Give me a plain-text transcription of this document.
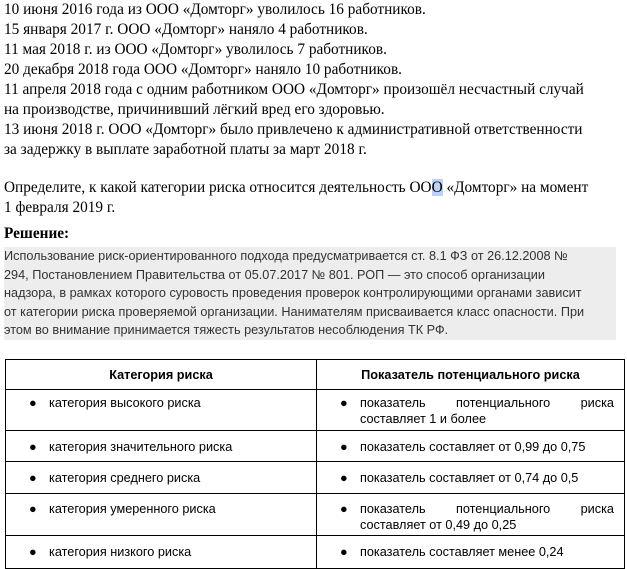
10 июня 2016 года из ООО «Домторг» уволилось 16 работников.

15 января 2017 г. ООО «Домторг» наняло 4 работников.

11 мая 2018 г. из ООО «Домторг» уволилось 7 работников.

20 декабря 2018 года ООО «Домторг» наняло 10 работников.

11 апреля 2018 года с одним работником ООО «Домторг» произошёл несчастный случай

на производстве, причинивший лёгкий вред его здоровью.

13 июня 2018 г. ООО «Домторг» было привлечено к административной ответственности

за задержку в выплате заработной платы за март 2018 г.

Определите, к какой категории риска относится деятельность ООО «Домторг» на момент

1 февраля 2019 г.

Решение:

Использование риск-ориентированного подхода предусматривается ст. 8.1 ФЗ от 26.12.2008 №

294, Постановлением Правительства от 05.07.2017 № 801. РОП — это способ организации

надзора, в рамках которого суровость проведения проверок контролирующими органами зависит

от категории риска проверяемой организации. Нанимателям присваивается класс опасности. При

этом во внимание принимается тяжесть результатов несоблюдения ТК РФ.

Категория риска	Показатель потенциального риска

● категория высокого риска	● показатель потенциального риска составляет 1 и более

● категория значительного риска	● показатель составляет от 0,99 до 0,75

● категория среднего риска	● показатель составляет от 0,74 до 0,5

● категория умеренного риска	● показатель потенциального риска составляет от 0,49 до 0,25

● категория низкого риска	● показатель составляет менее 0,24
